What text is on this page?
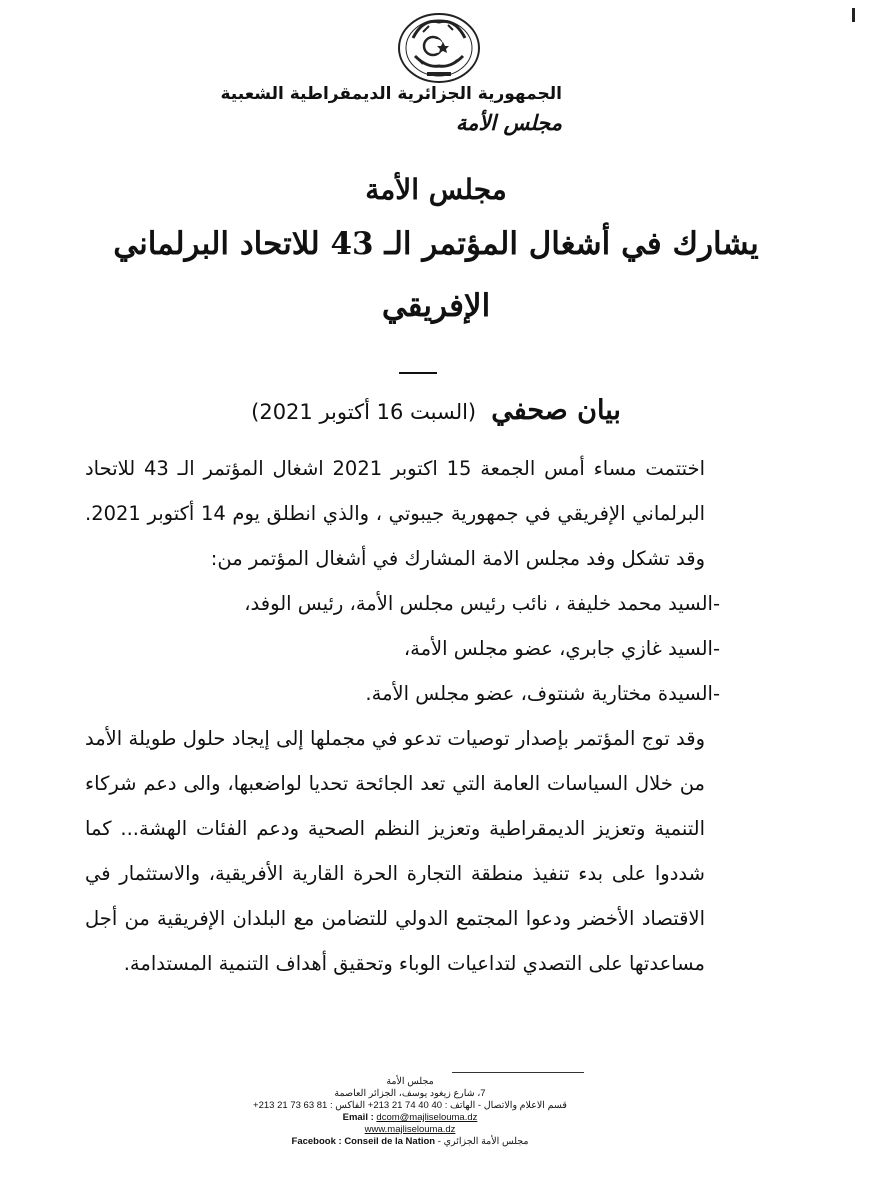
الجمهورية الجزائرية الديمقراطية الشعبية
مجلس الأمة
مجلس الأمة
يشارك في أشغال المؤتمر الـ 43 للاتحاد البرلماني
الإفريقي
بيان صحفي (السبت 16 أكتوبر 2021)

اختتمت مساء أمس الجمعة 15 اكتوبر 2021 اشغال المؤتمر الـ 43 للاتحاد البرلماني الإفريقي في جمهورية جيبوتي ، والذي انطلق يوم 14 أكتوبر 2021. وقد تشكل وفد مجلس الامة المشارك في أشغال المؤتمر من:

-السيد محمد خليفة ، نائب رئيس مجلس الأمة، رئيس الوفد،

-السيد غازي جابري، عضو مجلس الأمة،

-السيدة مختارية شنتوف، عضو مجلس الأمة.

وقد توج المؤتمر بإصدار توصيات تدعو في مجملها إلى إيجاد حلول طويلة الأمد من خلال السياسات العامة التي تعد الجائحة تحديا لواضعبها، والى دعم شركاء التنمية وتعزيز الديمقراطية وتعزيز النظم الصحية ودعم الفئات الهشة... كما شددوا على بدء تنفيذ منطقة التجارة الحرة القارية الأفريقية، والاستثمار في الاقتصاد الأخضر ودعوا المجتمع الدولي للتضامن مع البلدان الإفريقية من أجل مساعدتها على التصدي لتداعيات الوباء وتحقيق أهداف التنمية المستدامة.

مجلس الأمة
7، شارع زيغود يوسف، الجزائر العاصمة
قسم الاعلام والاتصال - الهاتف : 40 40 74 21 213+ الفاكس : 81 63 73 21 213+
Email : dcom@majliselouma.dz
www.majliselouma.dz
Facebook : Conseil de la Nation - مجلس الأمة الجزائري
